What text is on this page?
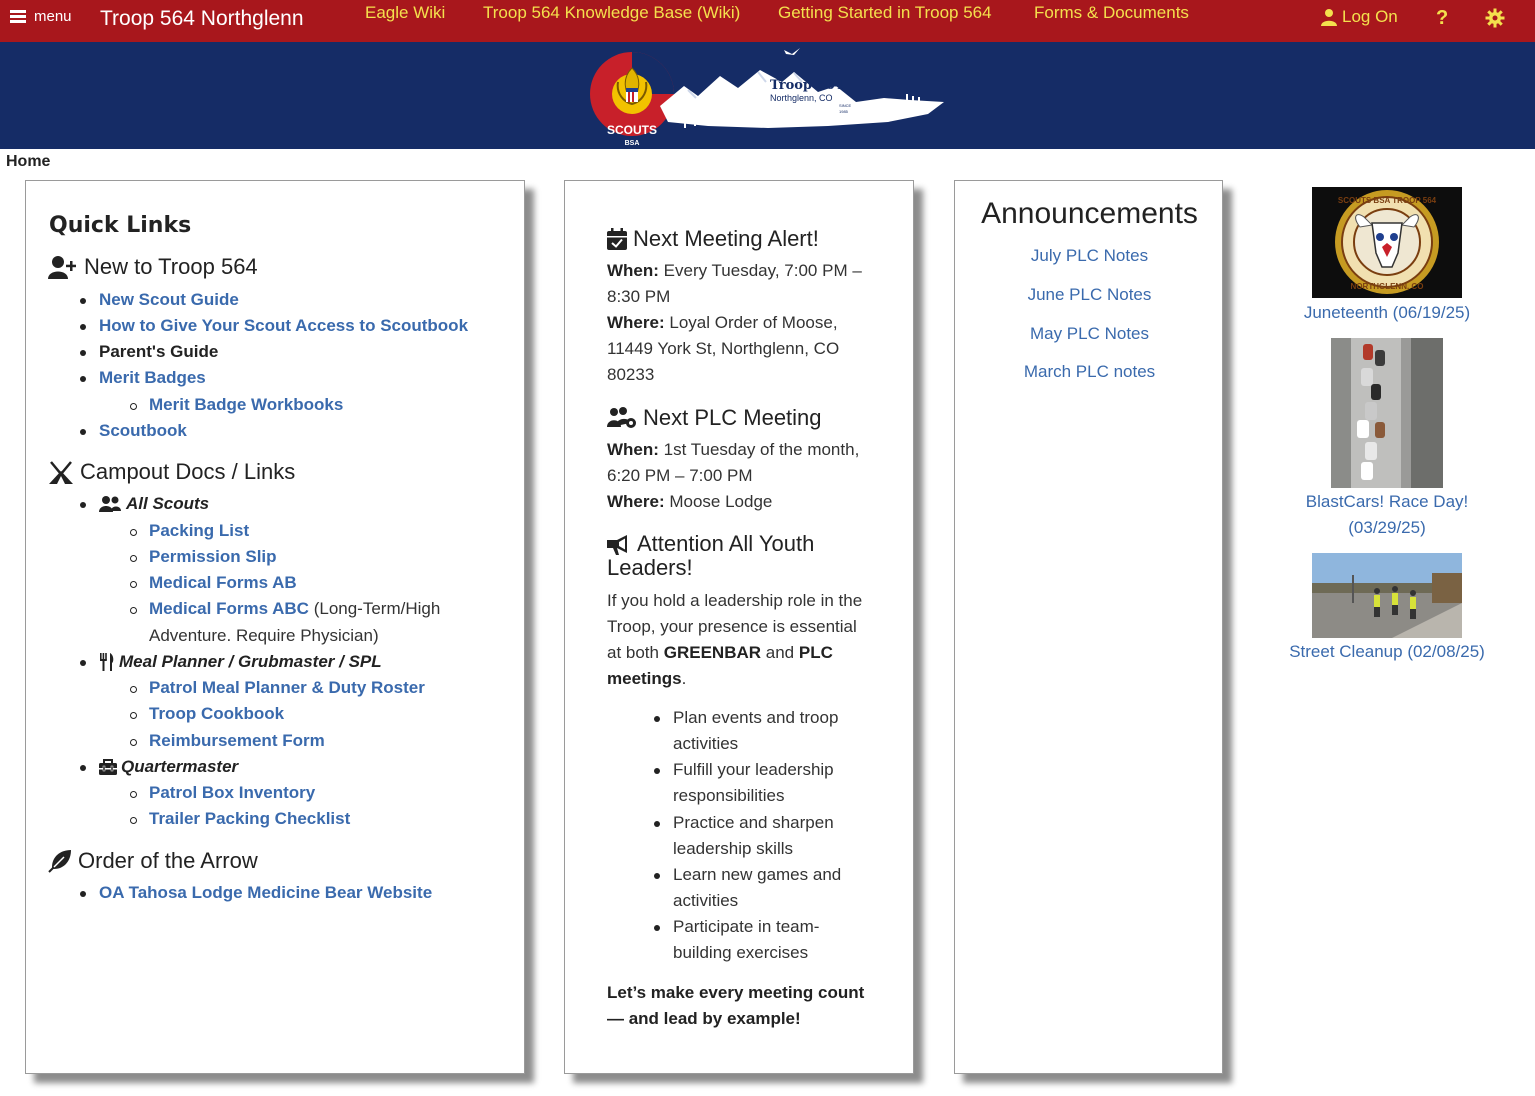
menu Troop 564 Northglenn	Eagle Wiki Troop 564 Knowledge Base (Wiki) Getting Started in Troop 564 Forms & Documents	Log On ?
SCOUTS
BSA
Troop 564
Northglenn, CO
SINCE
1985
Home
Quick Links
New to Troop 564
New Scout Guide
How to Give Your Scout Access to Scoutbook
Parent's Guide
Merit Badges
Merit Badge Workbooks
Scoutbook
Campout Docs / Links
All Scouts
Packing List
Permission Slip
Medical Forms AB
Medical Forms ABC (Long-Term/High
Adventure. Require Physician)
Meal Planner / Grubmaster / SPL
Patrol Meal Planner & Duty Roster
Troop Cookbook
Reimbursement Form
Quartermaster
Patrol Box Inventory
Trailer Packing Checklist
Order of the Arrow
OA Tahosa Lodge Medicine Bear Website
Next Meeting Alert!
When: Every Tuesday, 7:00 PM –
8:30 PM
Where: Loyal Order of Moose,
11449 York St, Northglenn, CO
80233
Next PLC Meeting
When: 1st Tuesday of the month,
6:20 PM – 7:00 PM
Where: Moose Lodge
Attention All Youth
Leaders!
If you hold a leadership role in the
Troop, your presence is essential
at both GREENBAR and PLC
meetings.
Plan events and troop
activities
Fulfill your leadership
responsibilities
Practice and sharpen
leadership skills
Learn new games and
activities
Participate in team-
building exercises
Let’s make every meeting count
— and lead by example!
Announcements
July PLC Notes
June PLC Notes
May PLC Notes
March PLC notes
SCOUTS BSA TROOP 564
NORTHGLENN, CO
Juneteenth (06/19/25)
BlastCars! Race Day!
(03/29/25)
Street Cleanup (02/08/25)
